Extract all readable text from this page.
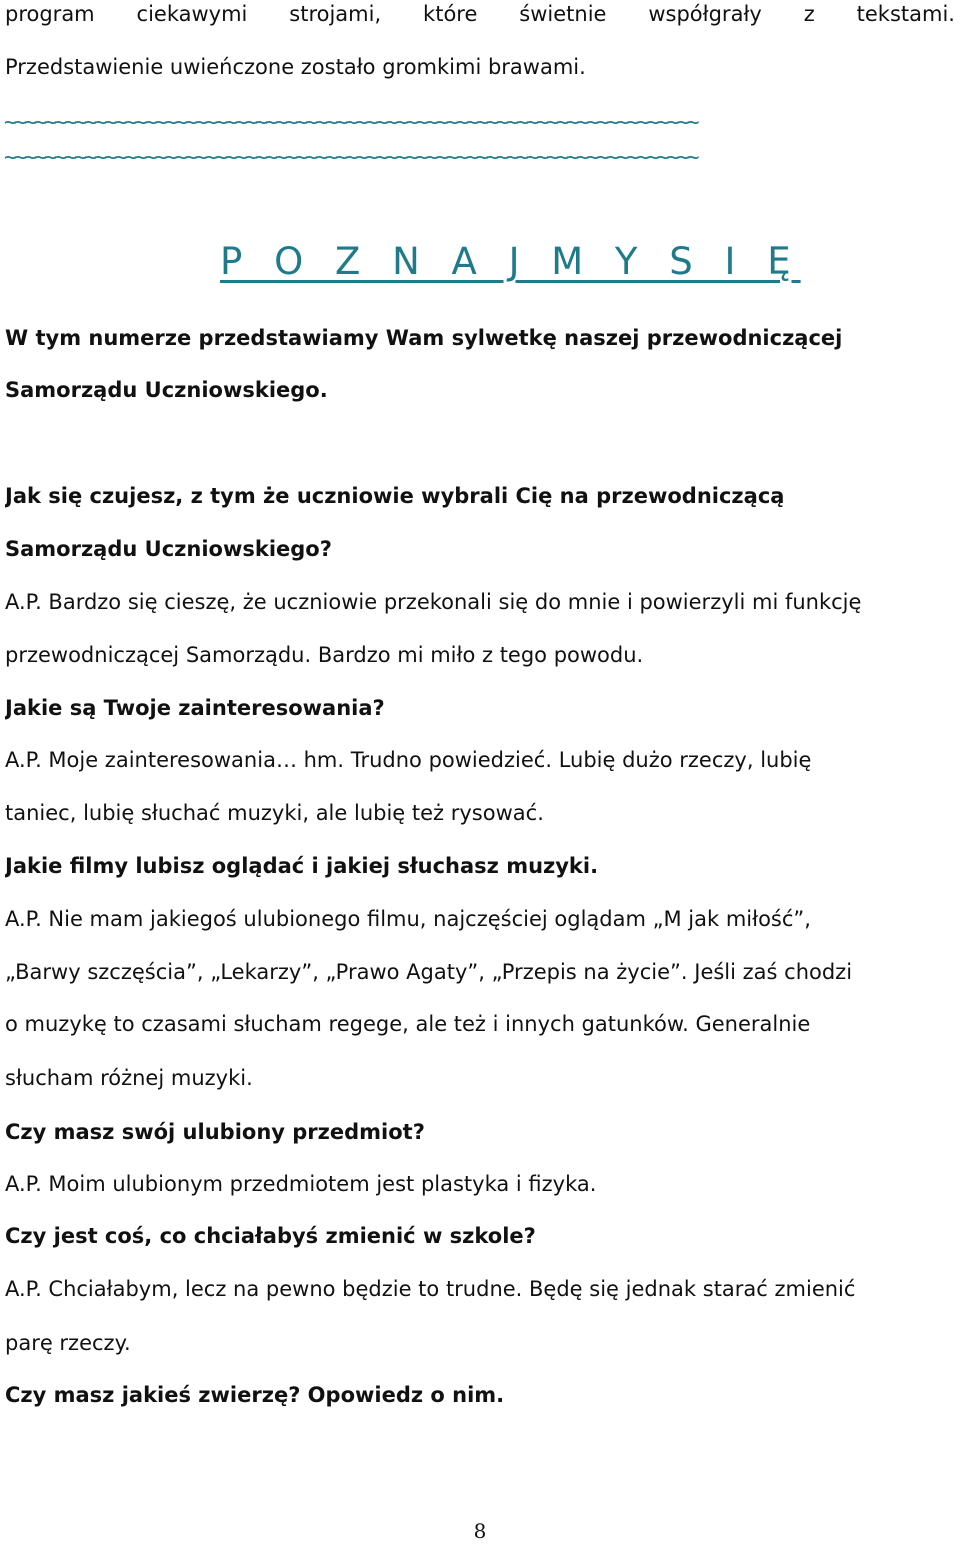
program ciekawymi strojami, które świetnie współgrały z tekstami.
Przedstawienie uwieńczone zostało gromkimi brawami.
~~~~~~~~~~~~~~~~~~~~~~~~~~~~~~~~~~~~~~~~~~~~~~~~~~~~~~~~~~~~~~~~~~~~~
~~~~~~~~~~~~~~~~~~~~~~~~~~~~~~~~~~~~~~~~~~~~~~~~~~~~~~~~~~~~~~~~~~~~~
P O Z N A J M Y S I Ę
W tym numerze przedstawiamy Wam sylwetkę naszej przewodniczącej
Samorządu Uczniowskiego.
Jak się czujesz, z tym że uczniowie wybrali Cię na przewodniczącą
Samorządu Uczniowskiego?
A.P. Bardzo się cieszę, że uczniowie przekonali się do mnie i powierzyli mi funkcję
przewodniczącej Samorządu. Bardzo mi miło z tego powodu.
Jakie są Twoje zainteresowania?
A.P. Moje zainteresowania… hm. Trudno powiedzieć. Lubię dużo rzeczy, lubię
taniec, lubię słuchać muzyki, ale lubię też rysować.
Jakie filmy lubisz oglądać i jakiej słuchasz muzyki.
A.P. Nie mam jakiegoś ulubionego filmu, najczęściej oglądam „M jak miłość”,
„Barwy szczęścia”, „Lekarzy”, „Prawo Agaty”, „Przepis na życie”. Jeśli zaś chodzi
o muzykę to czasami słucham regege, ale też i innych gatunków. Generalnie
słucham różnej muzyki.
Czy masz swój ulubiony przedmiot?
A.P. Moim ulubionym przedmiotem jest plastyka i fizyka.
Czy jest coś, co chciałabyś zmienić w szkole?
A.P. Chciałabym, lecz na pewno będzie to trudne. Będę się jednak starać zmienić
parę rzeczy.
Czy masz jakieś zwierzę? Opowiedz o nim.
8
